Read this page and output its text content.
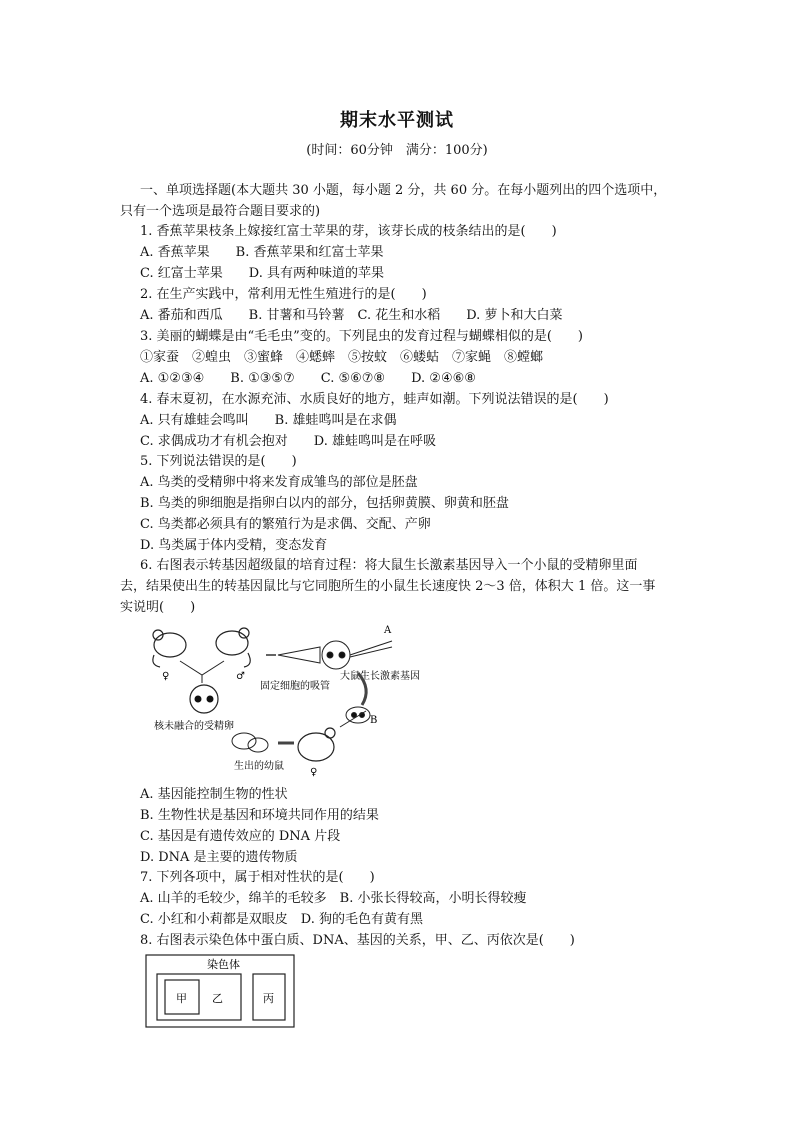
期末水平测试
(时间：60分钟　满分：100分)
一、单项选择题(本大题共 30 小题，每小题 2 分，共 60 分。在每小题列出的四个选项中，
只有一个选项是最符合题目要求的)
1. 香蕉苹果枝条上嫁接红富士苹果的芽，该芽长成的枝条结出的是(　　)
A. 香蕉苹果　　B. 香蕉苹果和红富士苹果
C. 红富士苹果　　D. 具有两种味道的苹果
2. 在生产实践中，常利用无性生殖进行的是(　　)
A. 番茄和西瓜　　B. 甘薯和马铃薯　C. 花生和水稻　　D. 萝卜和大白菜
3. 美丽的蝴蝶是由“毛毛虫”变的。下列昆虫的发育过程与蝴蝶相似的是(　　)
①家蚕　②蝗虫　③蜜蜂　④蟋蟀　⑤按蚊　⑥蝼蛄　⑦家蝇　⑧螳螂
A. ①②③④　　B. ①③⑤⑦　　C. ⑤⑥⑦⑧　　D. ②④⑥⑧
4. 春末夏初，在水源充沛、水质良好的地方，蛙声如潮。下列说法错误的是(　　)
A. 只有雄蛙会鸣叫　　B. 雄蛙鸣叫是在求偶
C. 求偶成功才有机会抱对　　D. 雄蛙鸣叫是在呼吸
5. 下列说法错误的是(　　)
A. 鸟类的受精卵中将来发育成雏鸟的部位是胚盘
B. 鸟类的卵细胞是指卵白以内的部分，包括卵黄膜、卵黄和胚盘
C. 鸟类都必须具有的繁殖行为是求偶、交配、产卵
D. 鸟类属于体内受精，变态发育
6. 右图表示转基因超级鼠的培育过程：将大鼠生长激素基因导入一个小鼠的受精卵里面
去，结果使出生的转基因鼠比与它同胞所生的小鼠生长速度快 2～3 倍，体积大 1 倍。这一事
实说明(　　)
♀	♂
核未融合的受精卵
A
大鼠生长激素基因
固定细胞的吸管
B
♀
生出的幼鼠
A. 基因能控制生物的性状
B. 生物性状是基因和环境共同作用的结果
C. 基因是有遗传效应的 DNA 片段
D. DNA 是主要的遗传物质
7. 下列各项中，属于相对性状的是(　　)
A. 山羊的毛较少，绵羊的毛较多　B. 小张长得较高，小明长得较瘦
C. 小红和小莉都是双眼皮　D. 狗的毛色有黄有黑
8. 右图表示染色体中蛋白质、DNA、基因的关系，甲、乙、丙依次是(　　)
染色体
甲 乙	丙
